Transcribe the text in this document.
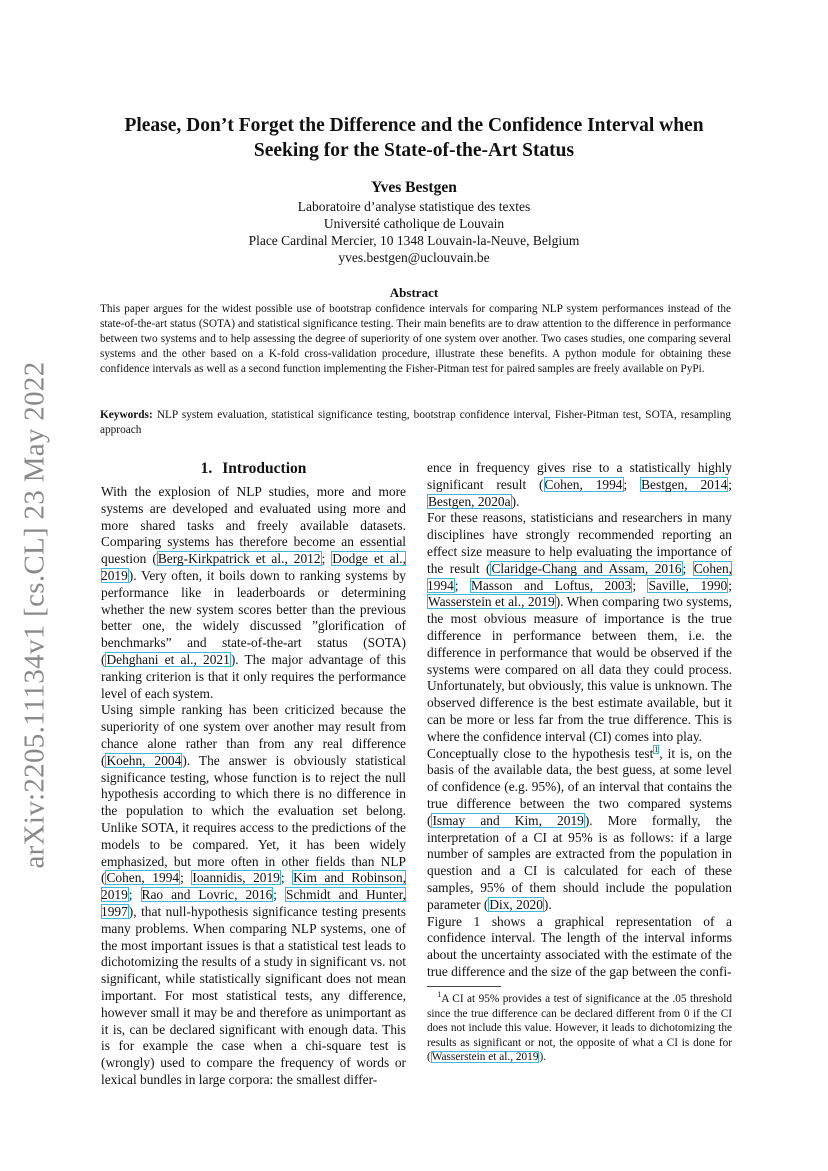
arXiv:2205.11134v1 [cs.CL] 23 May 2022
Please, Don’t Forget the Difference and the Confidence Interval when
Seeking for the State-of-the-Art Status
Yves Bestgen
Laboratoire d’analyse statistique des textes
Université catholique de Louvain
Place Cardinal Mercier, 10 1348 Louvain-la-Neuve, Belgium
yves.bestgen@uclouvain.be
Abstract
This paper argues for the widest possible use of bootstrap confidence intervals for comparing NLP system performances instead of the state-of-the-art status (SOTA) and statistical significance testing. Their main benefits are to draw attention to the difference in performance between two systems and to help assessing the degree of superiority of one system over another. Two cases studies, one comparing several systems and the other based on a K-fold cross-validation procedure, illustrate these benefits. A python module for obtaining these confidence intervals as well as a second function implementing the Fisher-Pitman test for paired samples are freely available on PyPi.
Keywords: NLP system evaluation, statistical significance testing, bootstrap confidence interval, Fisher-Pitman test, SOTA, resampling approach
1. Introduction

With the explosion of NLP studies, more and more systems are developed and evaluated using more and more shared tasks and freely available datasets. Comparing systems has therefore become an essential question (Berg-Kirkpatrick et al., 2012; Dodge et al., 2019). Very often, it boils down to ranking systems by performance like in leaderboards or determining whether the new system scores better than the previous better one, the widely discussed ”glorification of benchmarks” and state-of-the-art status (SOTA) (Dehghani et al., 2021). The major advantage of this ranking criterion is that it only requires the performance level of each system.

Using simple ranking has been criticized because the superiority of one system over another may result from chance alone rather than from any real difference (Koehn, 2004). The answer is obviously statistical significance testing, whose function is to reject the null hypothesis according to which there is no difference in the population to which the evaluation set belong. Unlike SOTA, it requires access to the predictions of the models to be compared. Yet, it has been widely emphasized, but more often in other fields than NLP (Cohen, 1994; Ioannidis, 2019; Kim and Robinson, 2019; Rao and Lovric, 2016; Schmidt and Hunter, 1997), that null-hypothesis significance testing presents many problems. When comparing NLP systems, one of the most important issues is that a statistical test leads to dichotomizing the results of a study in significant vs. not significant, while statistically significant does not mean important. For most statistical tests, any difference, however small it may be and therefore as unimportant as it is, can be declared significant with enough data. This is for example the case when a chi-square test is (wrongly) used to compare the frequency of words or lexical bundles in large corpora: the smallest differ-

ence in frequency gives rise to a statistically highly significant result (Cohen, 1994; Bestgen, 2014; Bestgen, 2020a).

For these reasons, statisticians and researchers in many disciplines have strongly recommended reporting an effect size measure to help evaluating the importance of the result (Claridge-Chang and Assam, 2016; Cohen, 1994; Masson and Loftus, 2003; Saville, 1990; Wasserstein et al., 2019). When comparing two systems, the most obvious measure of importance is the true difference in performance between them, i.e. the difference in performance that would be observed if the systems were compared on all data they could process. Unfortunately, but obviously, this value is unknown. The observed difference is the best estimate available, but it can be more or less far from the true difference. This is where the confidence interval (CI) comes into play.

Conceptually close to the hypothesis test$^1$, it is, on the basis of the available data, the best guess, at some level of confidence (e.g. 95%), of an interval that contains the true difference between the two compared systems (Ismay and Kim, 2019). More formally, the interpretation of a CI at 95% is as follows: if a large number of samples are extracted from the population in question and a CI is calculated for each of these samples, 95% of them should include the population parameter (Dix, 2020).

Figure 1 shows a graphical representation of a confidence interval. The length of the interval informs about the uncertainty associated with the estimate of the true difference and the size of the gap between the confi-

$^1$A CI at 95% provides a test of significance at the .05 threshold since the true difference can be declared different from 0 if the CI does not include this value. However, it leads to dichotomizing the results as significant or not, the opposite of what a CI is done for (Wasserstein et al., 2019).
